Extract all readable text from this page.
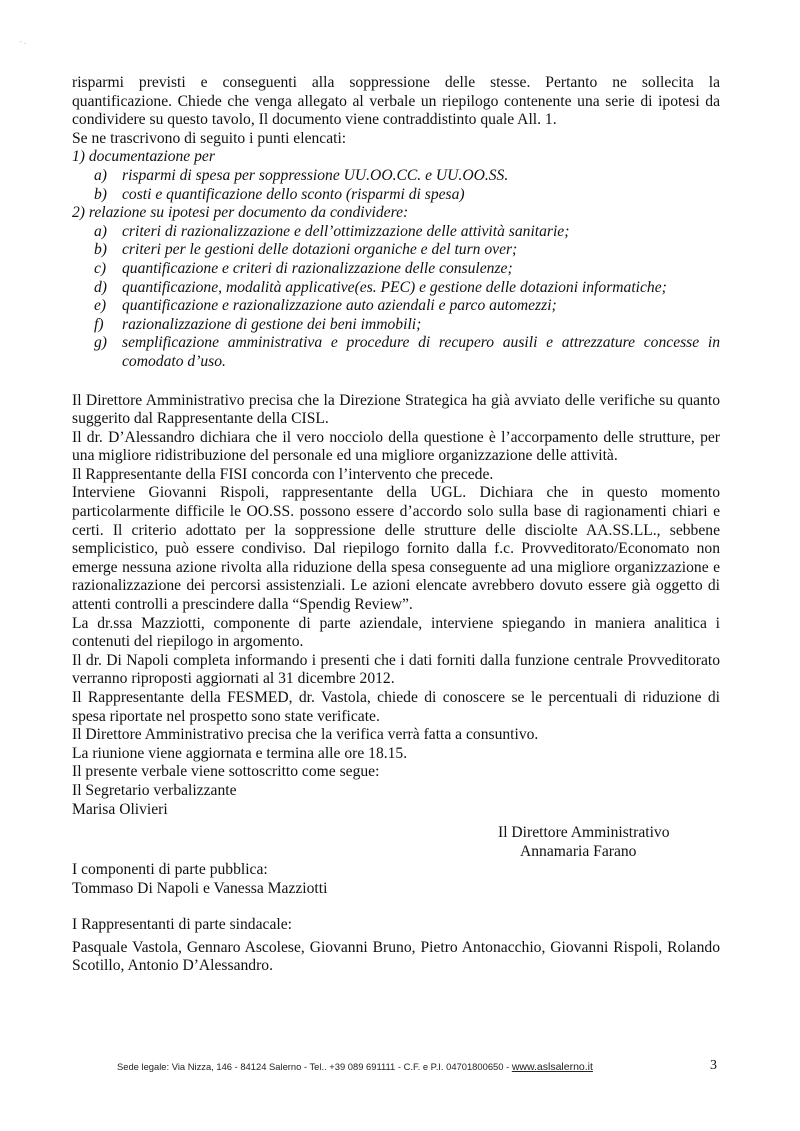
′ ·

risparmi previsti e conseguenti alla soppressione delle stesse. Pertanto ne sollecita la

quantificazione. Chiede che venga allegato al verbale un riepilogo contenente una serie di ipotesi da

condividere su questo tavolo, Il documento viene contraddistinto quale All. 1.

Se ne trascrivono di seguito i punti elencati:

1) documentazione per

a) risparmi di spesa per soppressione UU.OO.CC. e UU.OO.SS.
b) costi e quantificazione dello sconto (risparmi di spesa)

2) relazione su ipotesi per documento da condividere:

a) criteri di razionalizzazione e dell’ottimizzazione delle attività sanitarie;
b) criteri per le gestioni delle dotazioni organiche e del turn over;
c)	quantificazione e criteri di razionalizzazione delle consulenze;
d) quantificazione, modalità applicative(es. PEC) e gestione delle dotazioni informatiche;
e)	quantificazione e razionalizzazione auto aziendali e parco automezzi;
f)	razionalizzazione di gestione dei beni immobili;
g) semplificazione amministrativa e procedure di recupero ausili e attrezzature concesse in comodato d’uso.

Il Direttore Amministrativo precisa che la Direzione Strategica ha già avviato delle verifiche su quanto suggerito dal Rappresentante della CISL.

Il dr. D’Alessandro dichiara che il vero nocciolo della questione è l’accorpamento delle strutture, per una migliore ridistribuzione del personale ed una migliore organizzazione delle attività.

Il Rappresentante della FISI concorda con l’intervento che precede.

Interviene Giovanni Rispoli, rappresentante della UGL. Dichiara che in questo momento particolarmente difficile le OO.SS. possono essere d’accordo solo sulla base di ragionamenti chiari e certi. Il criterio adottato per la soppressione delle strutture delle disciolte AA.SS.LL., sebbene semplicistico, può essere condiviso. Dal riepilogo fornito dalla f.c. Provveditorato/Economato non emerge nessuna azione rivolta alla riduzione della spesa conseguente ad una migliore organizzazione e razionalizzazione dei percorsi assistenziali. Le azioni elencate avrebbero dovuto essere già oggetto di attenti controlli a prescindere dalla “Spendig Review”.

La dr.ssa Mazziotti, componente di parte aziendale, interviene spiegando in maniera analitica i contenuti del riepilogo in argomento.

Il dr. Di Napoli completa informando i presenti che i dati forniti dalla funzione centrale Provveditorato verranno riproposti aggiornati al 31 dicembre 2012.

Il Rappresentante della FESMED, dr. Vastola, chiede di conoscere se le percentuali di riduzione di spesa riportate nel prospetto sono state verificate.

Il Direttore Amministrativo precisa che la verifica verrà fatta a consuntivo.

La riunione viene aggiornata e termina alle ore 18.15.

Il presente verbale viene sottoscritto come segue:

Il Segretario verbalizzante

Marisa Olivieri

Il Direttore Amministrativo
Annamaria Farano
I componenti di parte pubblica:
Tommaso Di Napoli e Vanessa Mazziotti
I Rappresentanti di parte sindacale:
Pasquale Vastola, Gennaro Ascolese, Giovanni Bruno, Pietro Antonacchio, Giovanni Rispoli, Rolando Scotillo, Antonio D’Alessandro.
Sede legale: Via Nizza, 146 - 84124 Salerno - Tel.. +39 089 691111 - C.F. e P.I. 04701800650 - www.aslsalerno.it	3
